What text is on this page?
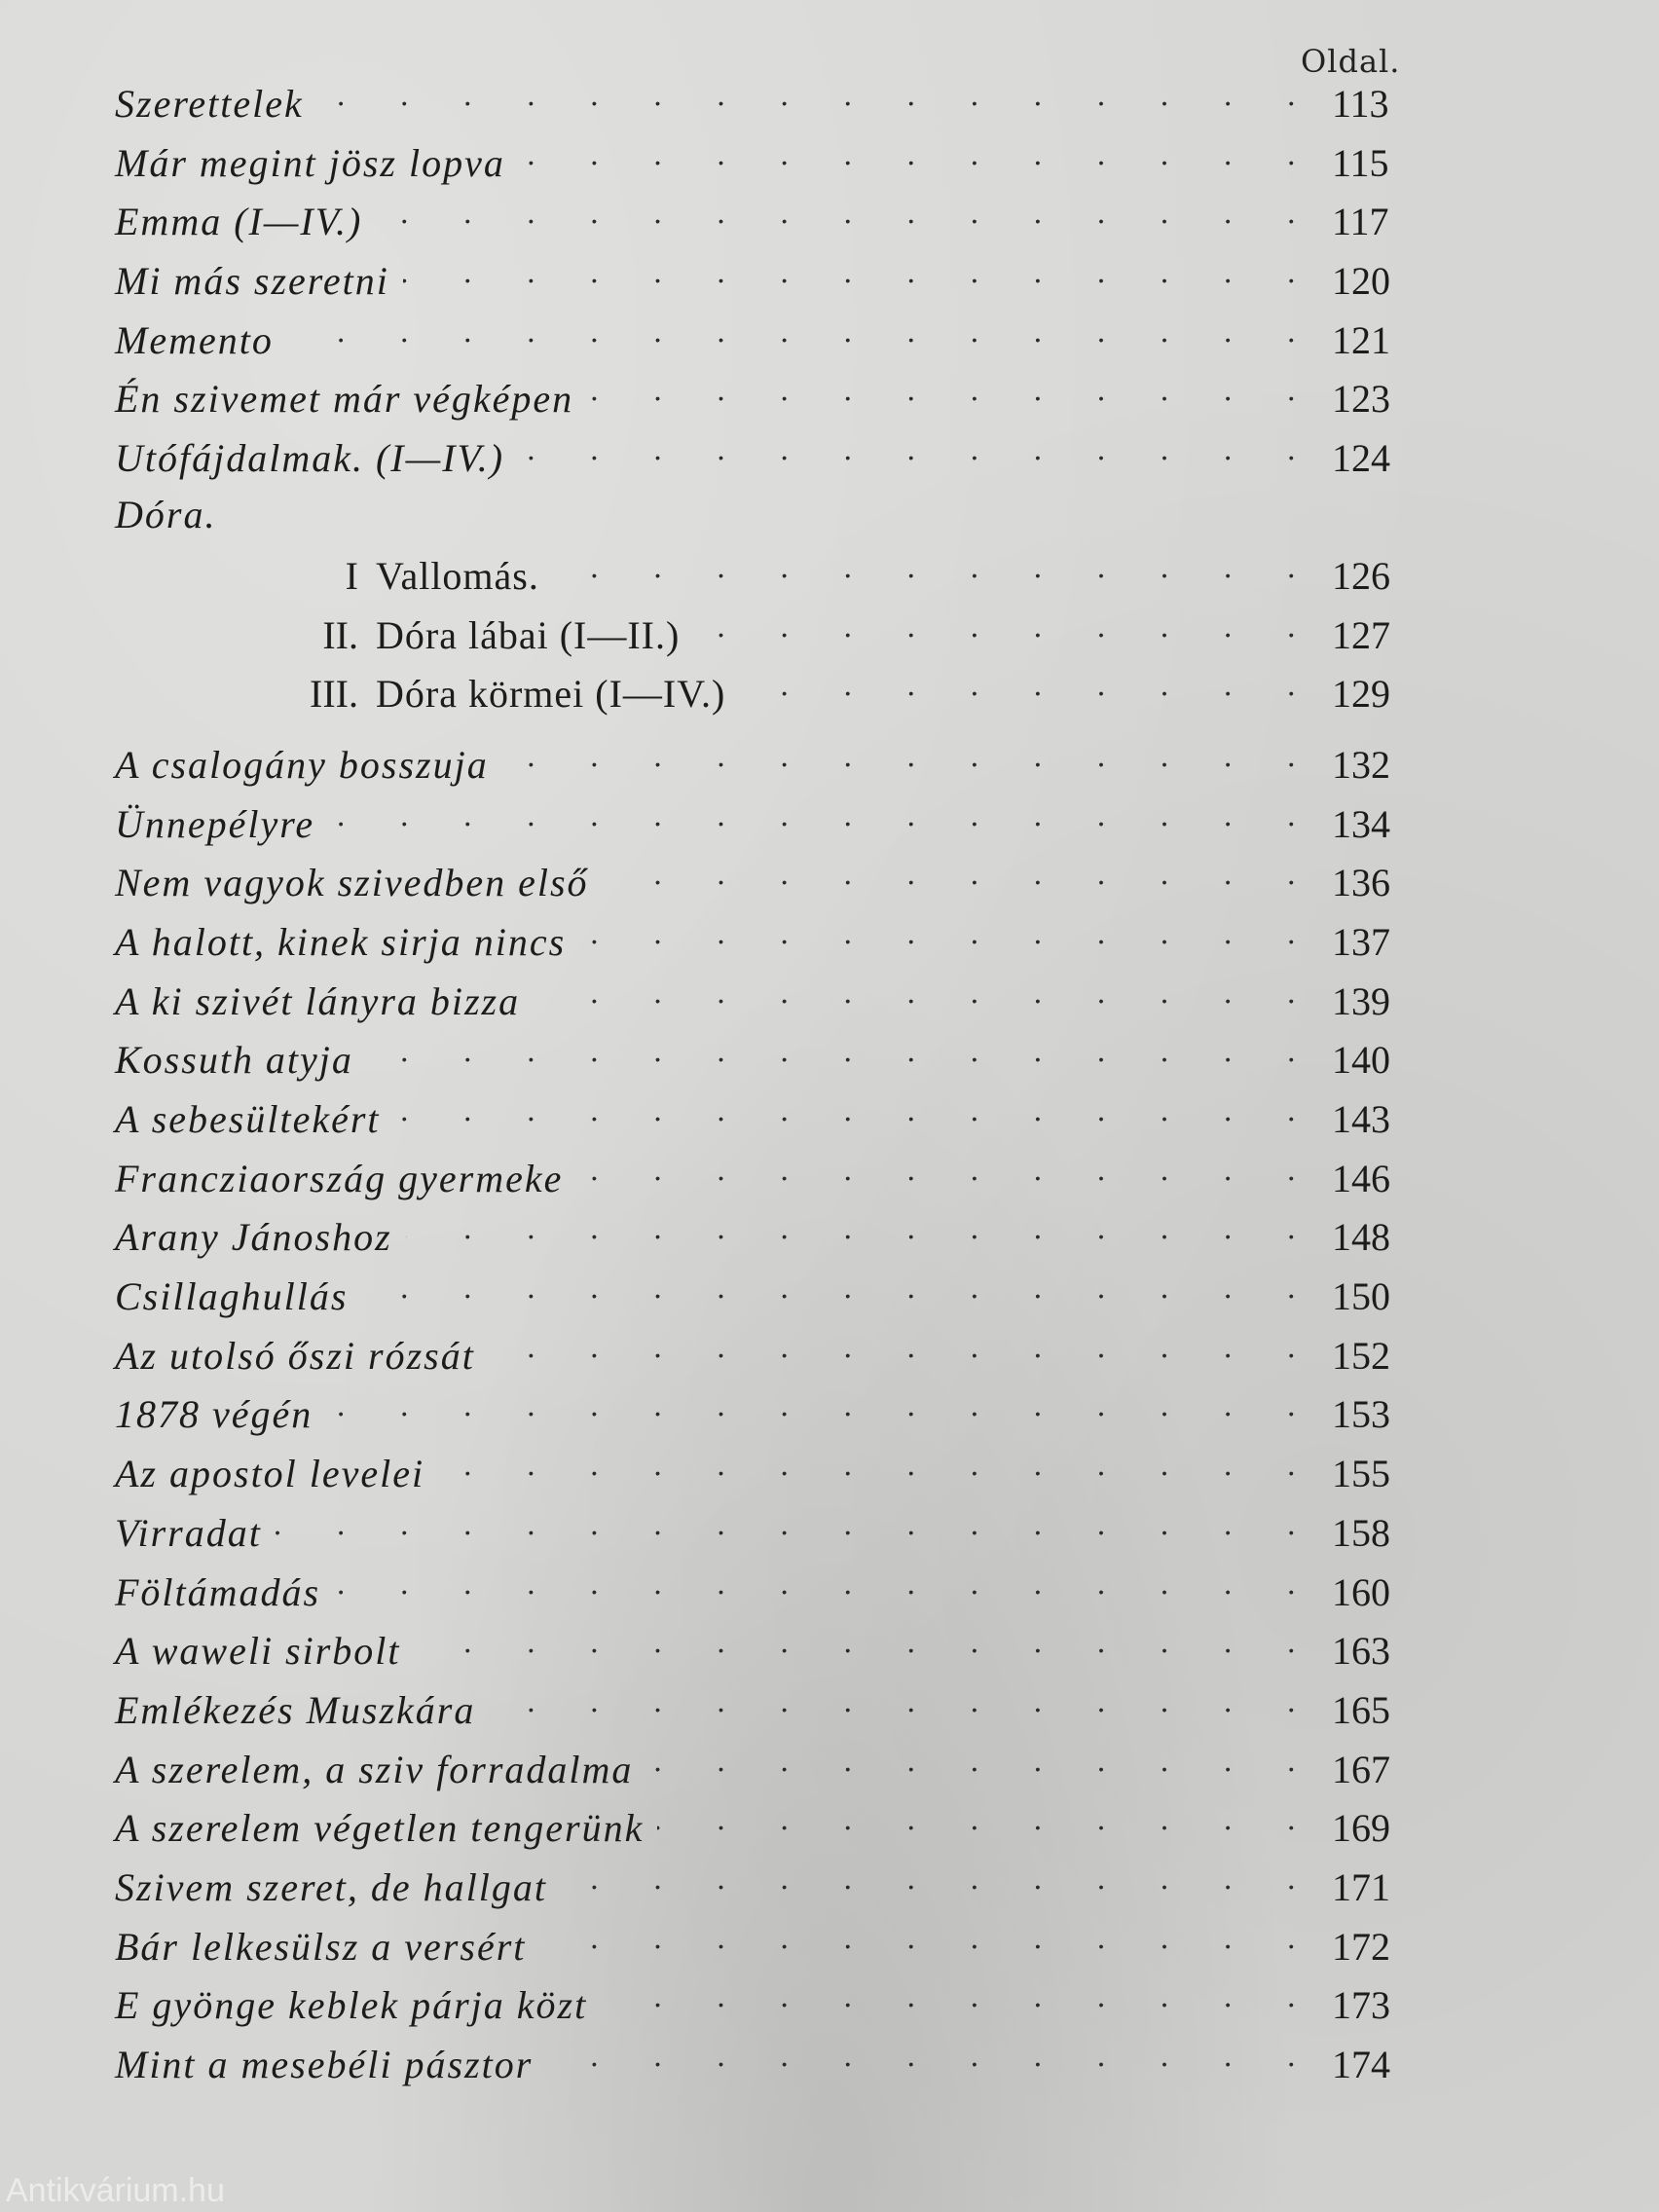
Oldal.
Szerettelek . . .	113
Már megint jösz lopva . . .	115
Emma (I—IV.) . . .	117
Mi más szeretni . . .	120
Memento . . .	121
Én szivemet már végképen . . .	123
Utófájdalmak. (I—IV.) . . .	124
Dóra.
I Vallomás. . . .	126
II. Dóra lábai (I—II.) . . .	127
III. Dóra körmei (I—IV.) . . .	129
A csalogány bosszuja . . .	132
Ünnepélyre . . .	134
Nem vagyok szivedben első . . .	136
A halott, kinek sirja nincs . . .	137
A ki szivét lányra bizza . . .	139
Kossuth atyja . . .	140
A sebesültekért . . .	143
Francziaország gyermeke . . .	146
Arany Jánoshoz . . .	148
Csillaghullás . . .	150
Az utolsó őszi rózsát . . .	152
1878 végén . . .	153
Az apostol levelei . . .	155
Virradat . . .	158
Föltámadás . . .	160
A waweli sirbolt . . .	163
Emlékezés Muszkára . . .	165
A szerelem, a sziv forradalma . . .	167
A szerelem végetlen tengerünk . . .	169
Szivem szeret, de hallgat . . .	171
Bár lelkesülsz a versért . . .	172
E gyönge keblek párja közt . . .	173
Mint a mesebéli pásztor . . .	174
Antikvárium.hu
